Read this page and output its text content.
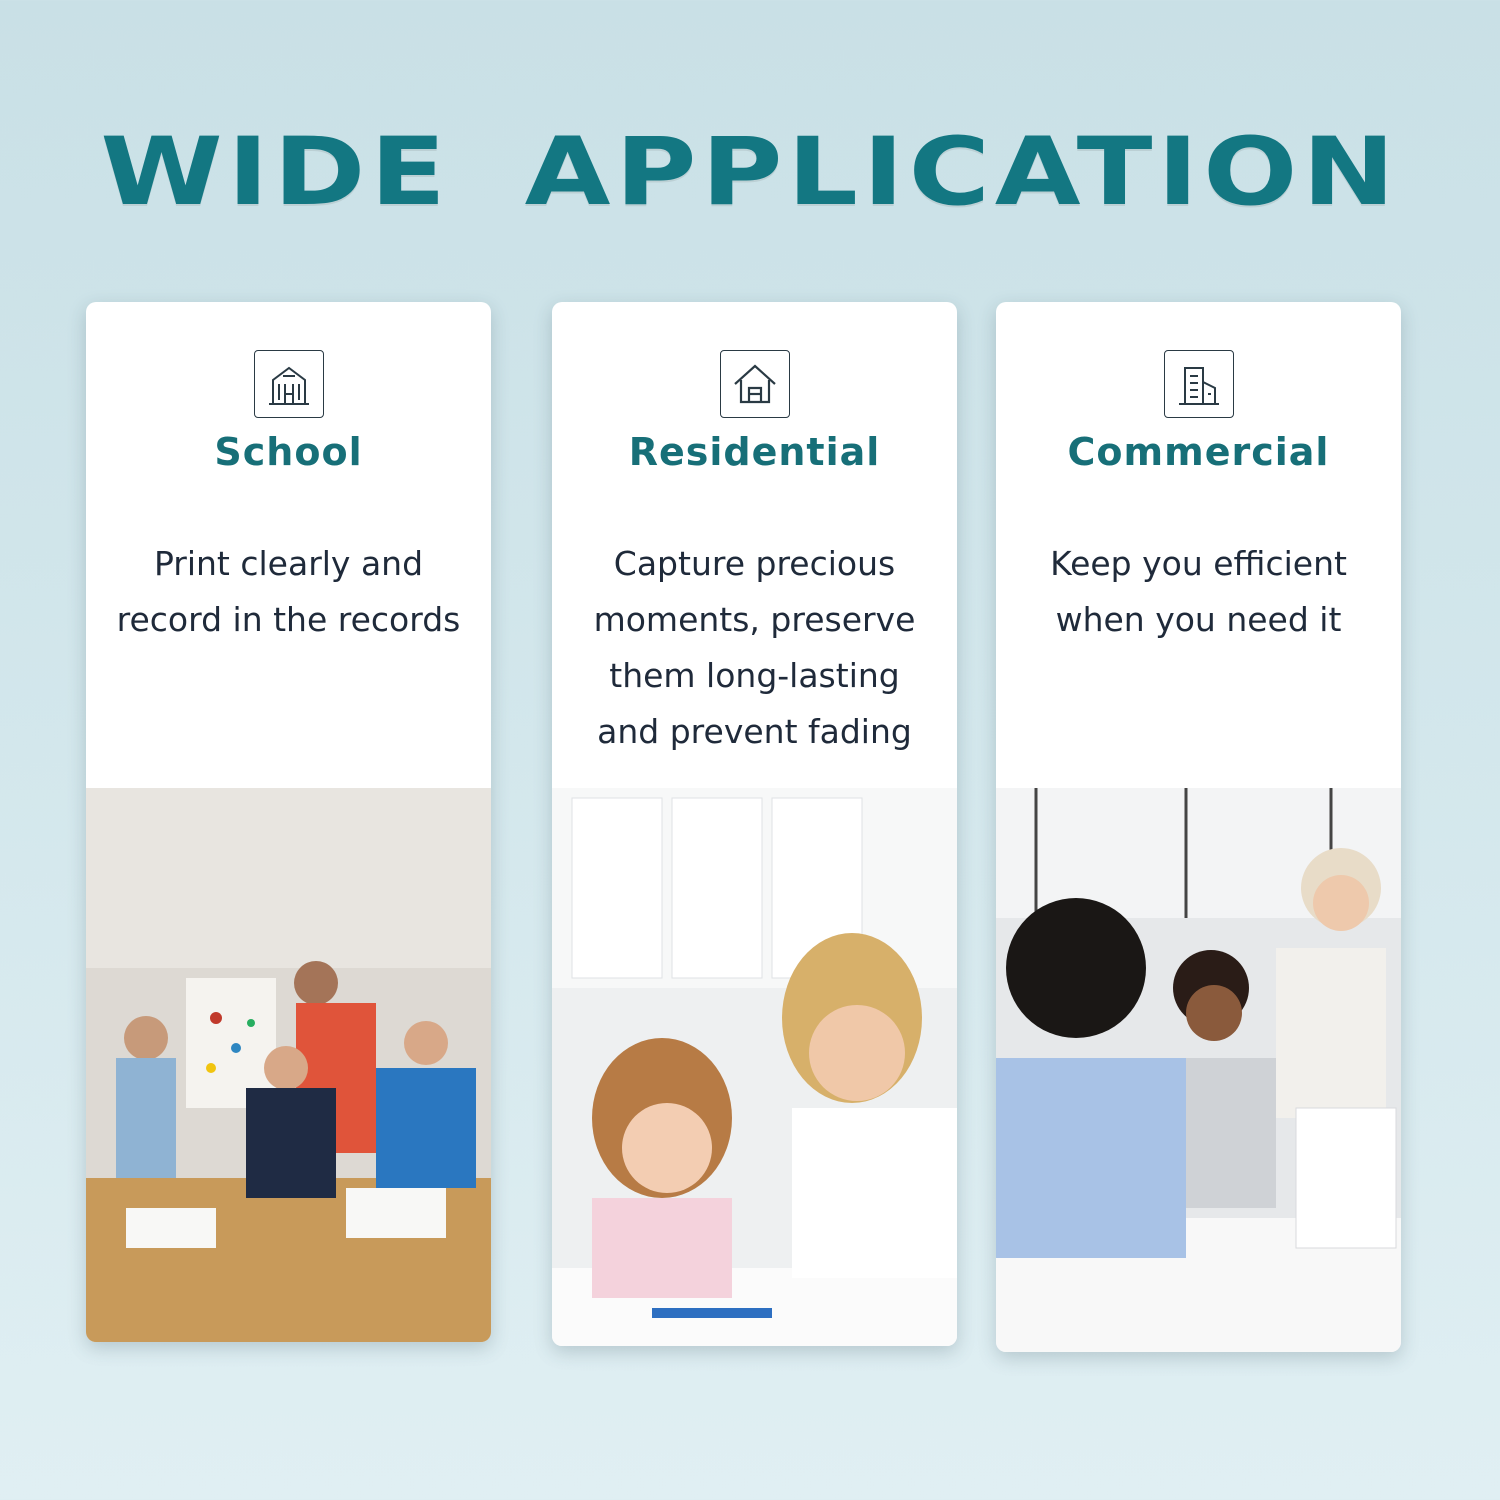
WIDE APPLICATION
School
Print clearly and
record in the records
Residential
Capture precious
moments, preserve
them long-lasting
and prevent fading
Commercial
Keep you efficient
when you need it
